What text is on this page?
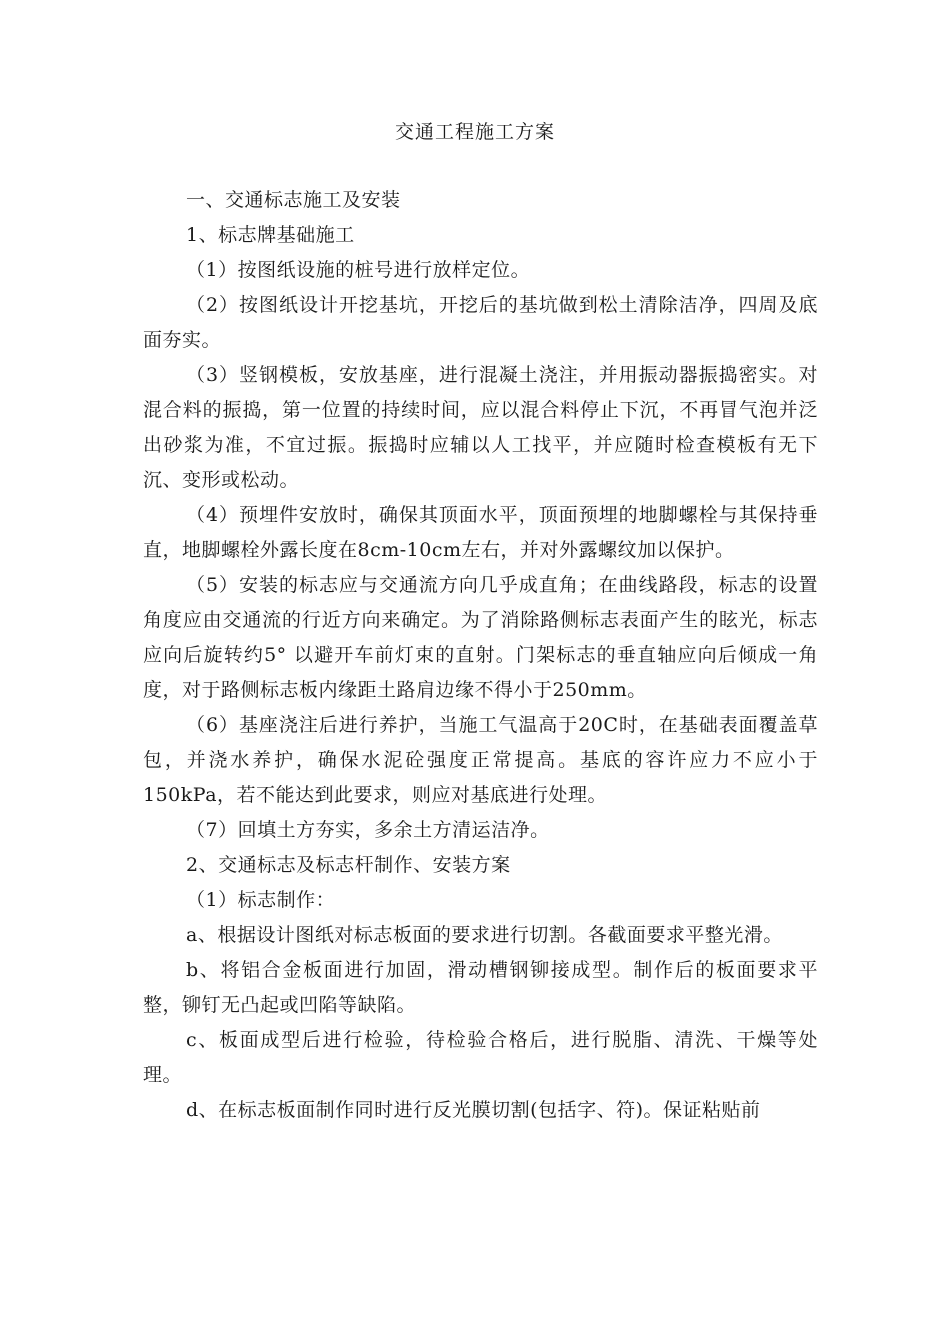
交通工程施工方案

一、交通标志施工及安装

1、标志牌基础施工

（1）按图纸设施的桩号进行放样定位。

（2）按图纸设计开挖基坑，开挖后的基坑做到松土清除洁净，四周及底面夯实。

（3）竖钢模板，安放基座，进行混凝土浇注，并用振动器振捣密实。对混合料的振捣，第一位置的持续时间，应以混合料停止下沉，不再冒气泡并泛出砂浆为准，不宜过振。振捣时应辅以人工找平，并应随时检查模板有无下沉、变形或松动。

（4）预埋件安放时，确保其顶面水平，顶面预埋的地脚螺栓与其保持垂直，地脚螺栓外露长度在8cm-10cm左右，并对外露螺纹加以保护。

（5）安装的标志应与交通流方向几乎成直角；在曲线路段，标志的设置角度应由交通流的行近方向来确定。为了消除路侧标志表面产生的眩光，标志应向后旋转约5° 以避开车前灯束的直射。门架标志的垂直轴应向后倾成一角度，对于路侧标志板内缘距土路肩边缘不得小于250mm。

（6）基座浇注后进行养护，当施工气温高于20C时，在基础表面覆盖草包，并浇水养护，确保水泥砼强度正常提高。基底的容许应力不应小于150kPa，若不能达到此要求，则应对基底进行处理。

（7）回填土方夯实，多余土方清运洁净。

2、交通标志及标志杆制作、安装方案

（1）标志制作：

a、根据设计图纸对标志板面的要求进行切割。各截面要求平整光滑。

b、将铝合金板面进行加固，滑动槽钢铆接成型。制作后的板面要求平整，铆钉无凸起或凹陷等缺陷。

c、板面成型后进行检验，待检验合格后，进行脱脂、清洗、干燥等处理。

d、在标志板面制作同时进行反光膜切割(包括字、符)。保证粘贴前
